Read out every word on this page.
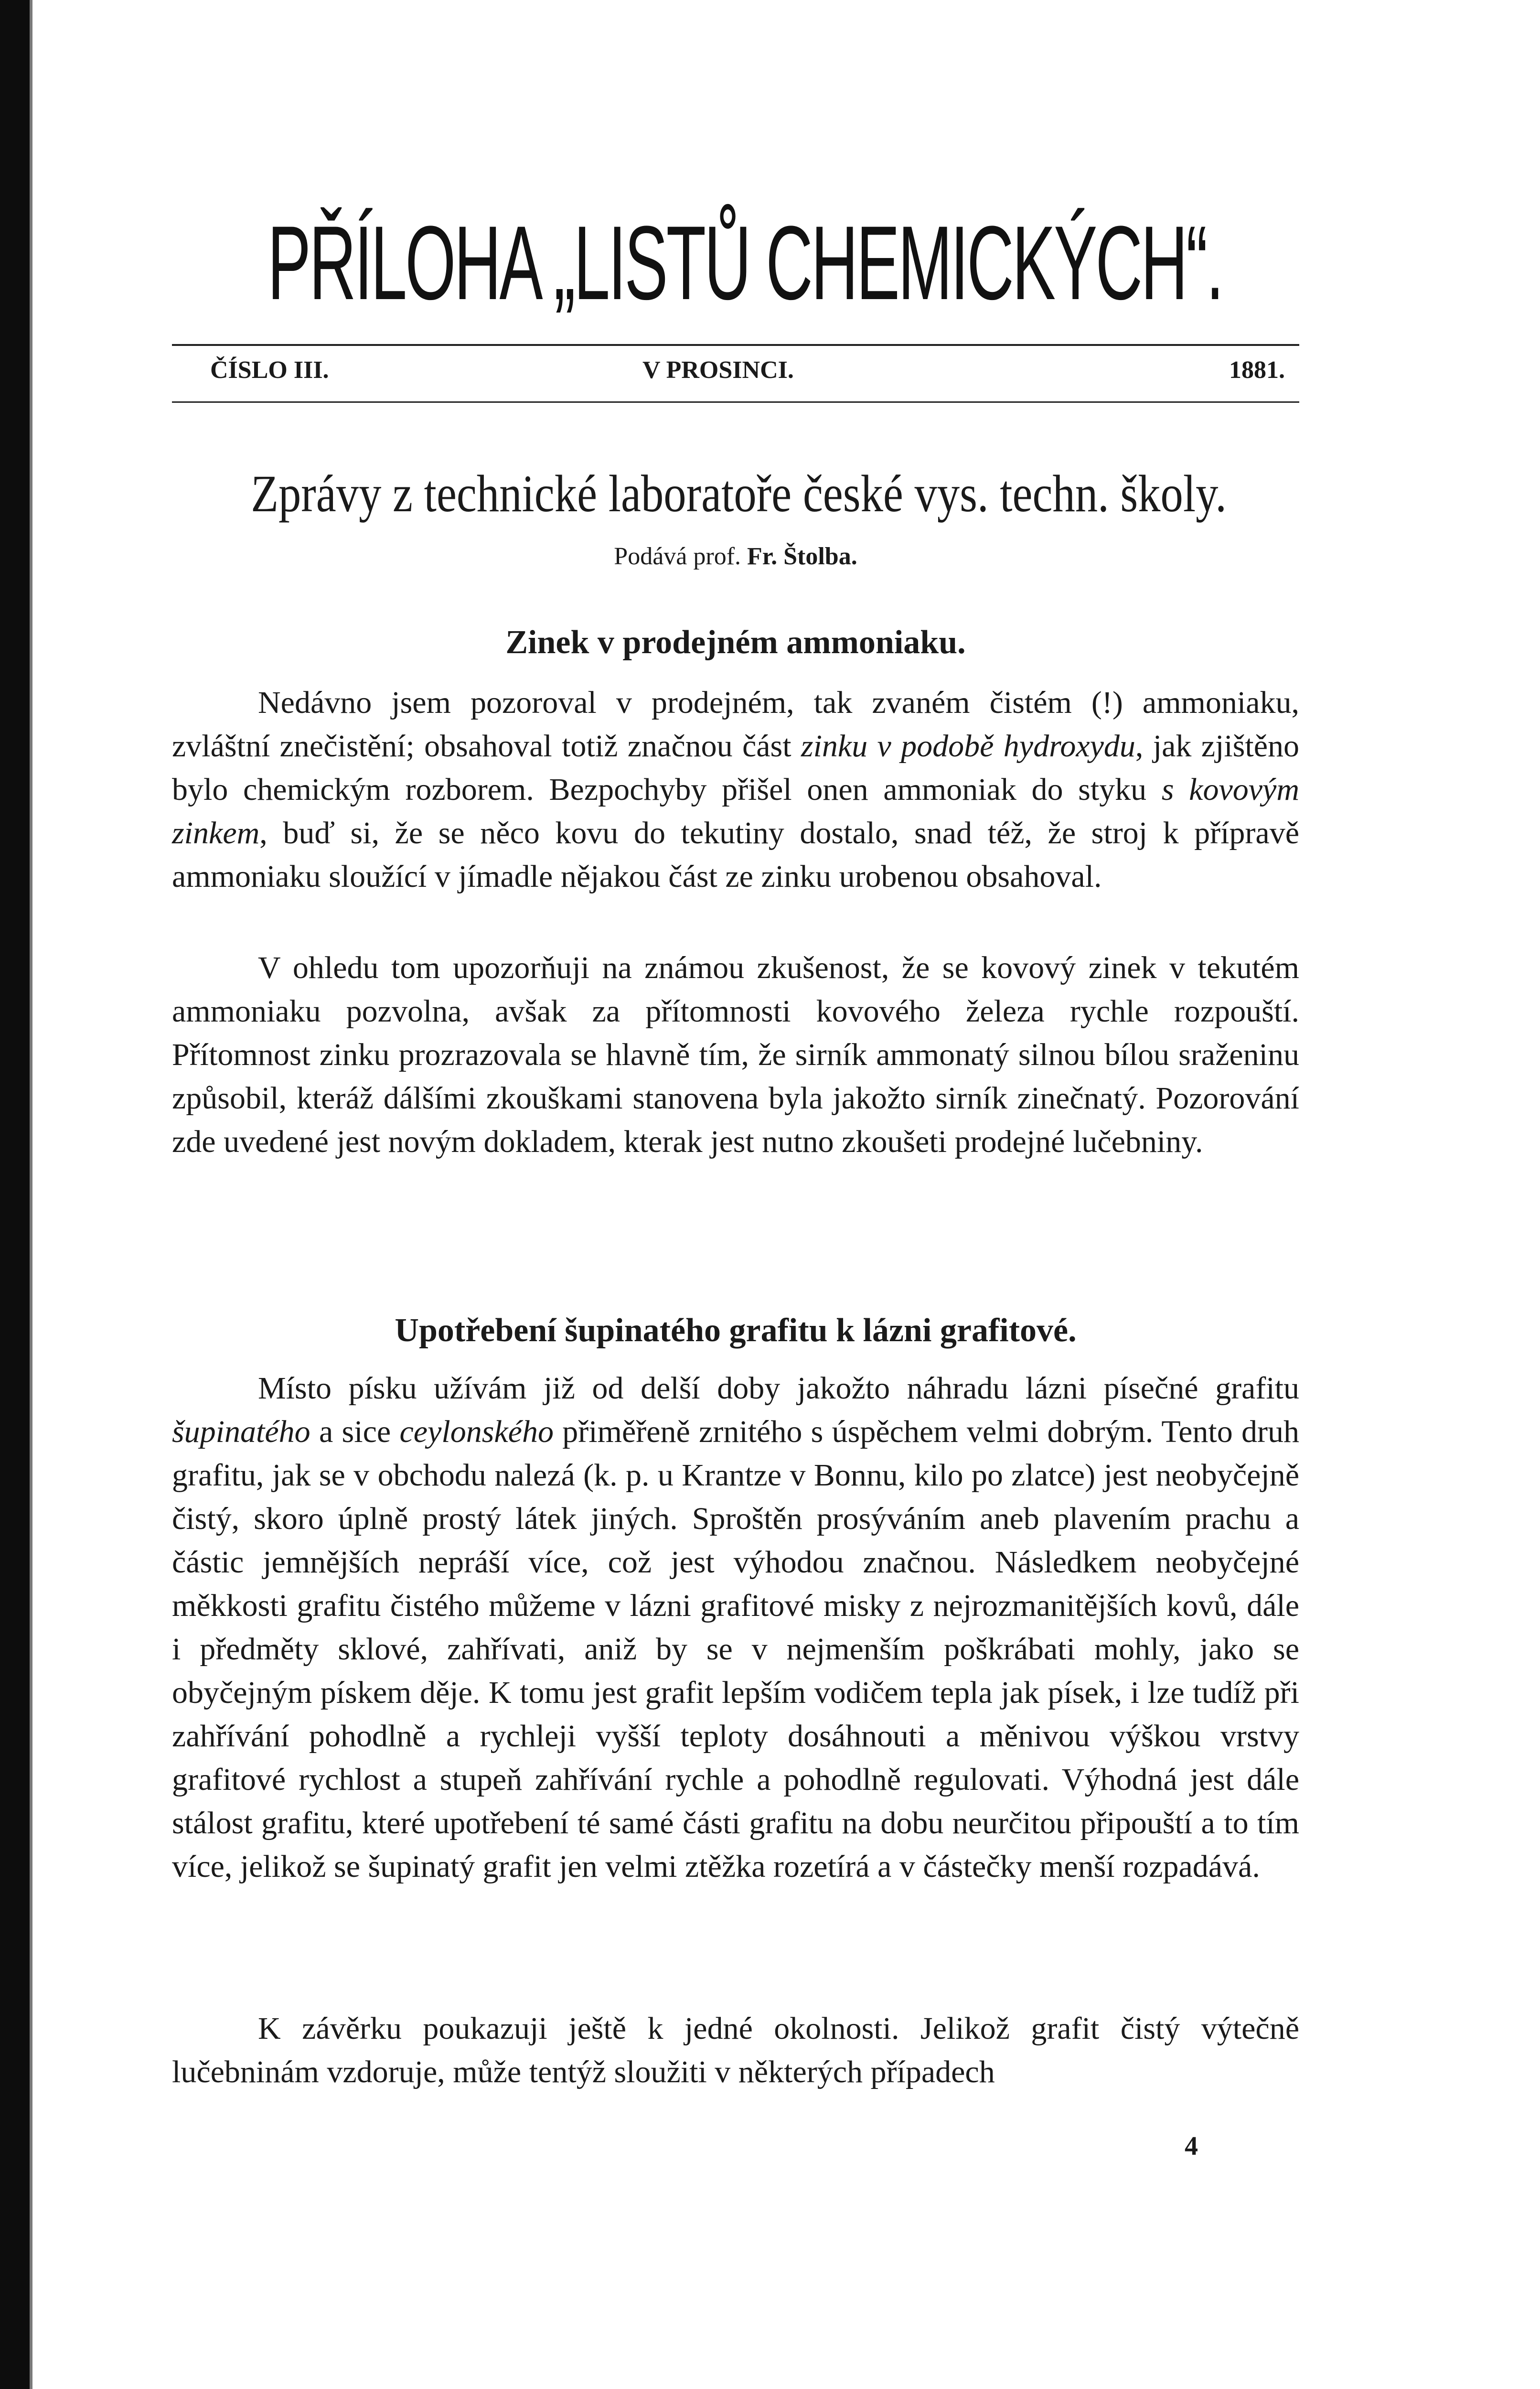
PŘÍLOHA „LISTŮ CHEMICKÝCH“.
ČÍSLO III.	V PROSINCI.	1881.
Zprávy z technické laboratoře české vys. techn. školy.
Podává prof. Fr. Štolba.
Zinek v prodejném ammoniaku.

Nedávno jsem pozoroval v prodejném, tak zvaném čistém (!) ammoniaku, zvláštní znečistění; obsahoval totiž značnou část zinku v podobě hydroxydu, jak zjištěno bylo chemickým rozborem. Bezpochyby přišel onen ammoniak do styku s kovovým zinkem, buď si, že se něco kovu do tekutiny dostalo, snad též, že stroj k přípravě ammoniaku sloužící v jímadle nějakou část ze zinku urobenou obsahoval.

V ohledu tom upozorňuji na známou zkušenost, že se kovový zinek v tekutém ammoniaku pozvolna, avšak za přítomnosti kovového železa rychle rozpouští. Přítomnost zinku prozrazovala se hlavně tím, že sirník ammonatý silnou bílou sraženinu způsobil, kteráž dálšími zkouškami stanovena byla jakožto sirník zinečnatý. Pozorování zde uvedené jest novým dokladem, kterak jest nutno zkoušeti prodejné lučebniny.

Upotřebení šupinatého grafitu k lázni grafitové.

Místo písku užívám již od delší doby jakožto náhradu lázni písečné grafitu šupinatého a sice ceylonského přiměřeně zrnitého s úspěchem velmi dobrým. Tento druh grafitu, jak se v obchodu nalezá (k. p. u Krantze v Bonnu, kilo po zlatce) jest neobyčejně čistý, skoro úplně prostý látek jiných. Sproštěn prosýváním aneb plavením prachu a částic jemnějších nepráší více, což jest výhodou značnou. Následkem neobyčejné měkkosti grafitu čistého můžeme v lázni grafitové misky z nejrozmanitějších kovů, dále i předměty sklové, zahřívati, aniž by se v nejmenším poškrábati mohly, jako se obyčejným pískem děje. K tomu jest grafit lepším vodičem tepla jak písek, i lze tudíž při zahřívání pohodlně a rychleji vyšší teploty dosáhnouti a měnivou výškou vrstvy grafitové rychlost a stupeň zahřívání rychle a pohodlně regulovati. Výhodná jest dále stálost grafitu, které upotřebení té samé části grafitu na dobu neurčitou připouští a to tím více, jelikož se šupinatý grafit jen velmi ztěžka rozetírá a v částečky menší rozpadává.

K závěrku poukazuji ještě k jedné okolnosti. Jelikož grafit čistý výtečně lučebninám vzdoruje, může tentýž sloužiti v některých případech

4
